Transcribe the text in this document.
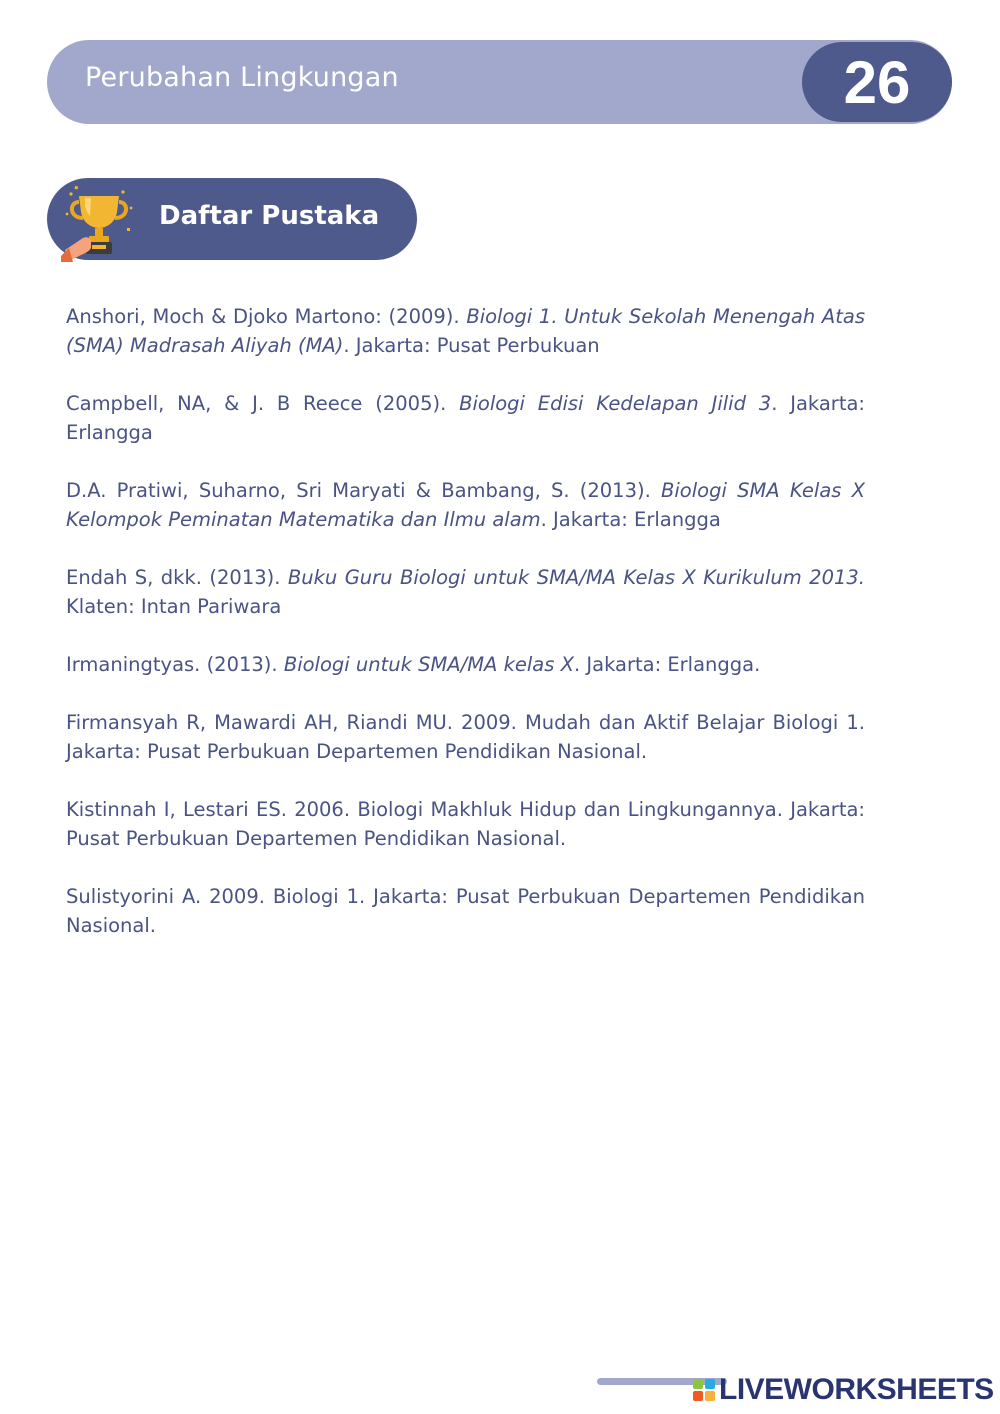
Perubahan Lingkungan	26
Daftar Pustaka

Anshori, Moch & Djoko Martono: (2009). Biologi 1. Untuk Sekolah Menengah Atas (SMA) Madrasah Aliyah (MA). Jakarta: Pusat Perbukuan

Campbell, NA, & J. B Reece (2005). Biologi Edisi Kedelapan Jilid 3. Jakarta: Erlangga

D.A. Pratiwi, Suharno, Sri Maryati & Bambang, S. (2013). Biologi SMA Kelas X Kelompok Peminatan Matematika dan Ilmu alam. Jakarta: Erlangga

Endah S, dkk. (2013). Buku Guru Biologi untuk SMA/MA Kelas X Kurikulum 2013. Klaten: Intan Pariwara

Irmaningtyas. (2013). Biologi untuk SMA/MA kelas X. Jakarta: Erlangga.

Firmansyah R, Mawardi AH, Riandi MU. 2009. Mudah dan Aktif Belajar Biologi 1. Jakarta: Pusat Perbukuan Departemen Pendidikan Nasional.

Kistinnah I, Lestari ES. 2006. Biologi Makhluk Hidup dan Lingkungannya. Jakarta: Pusat Perbukuan Departemen Pendidikan Nasional.

Sulistyorini A. 2009. Biologi 1. Jakarta: Pusat Perbukuan Departemen Pendidikan Nasional.

LIVEWORKSHEETS
